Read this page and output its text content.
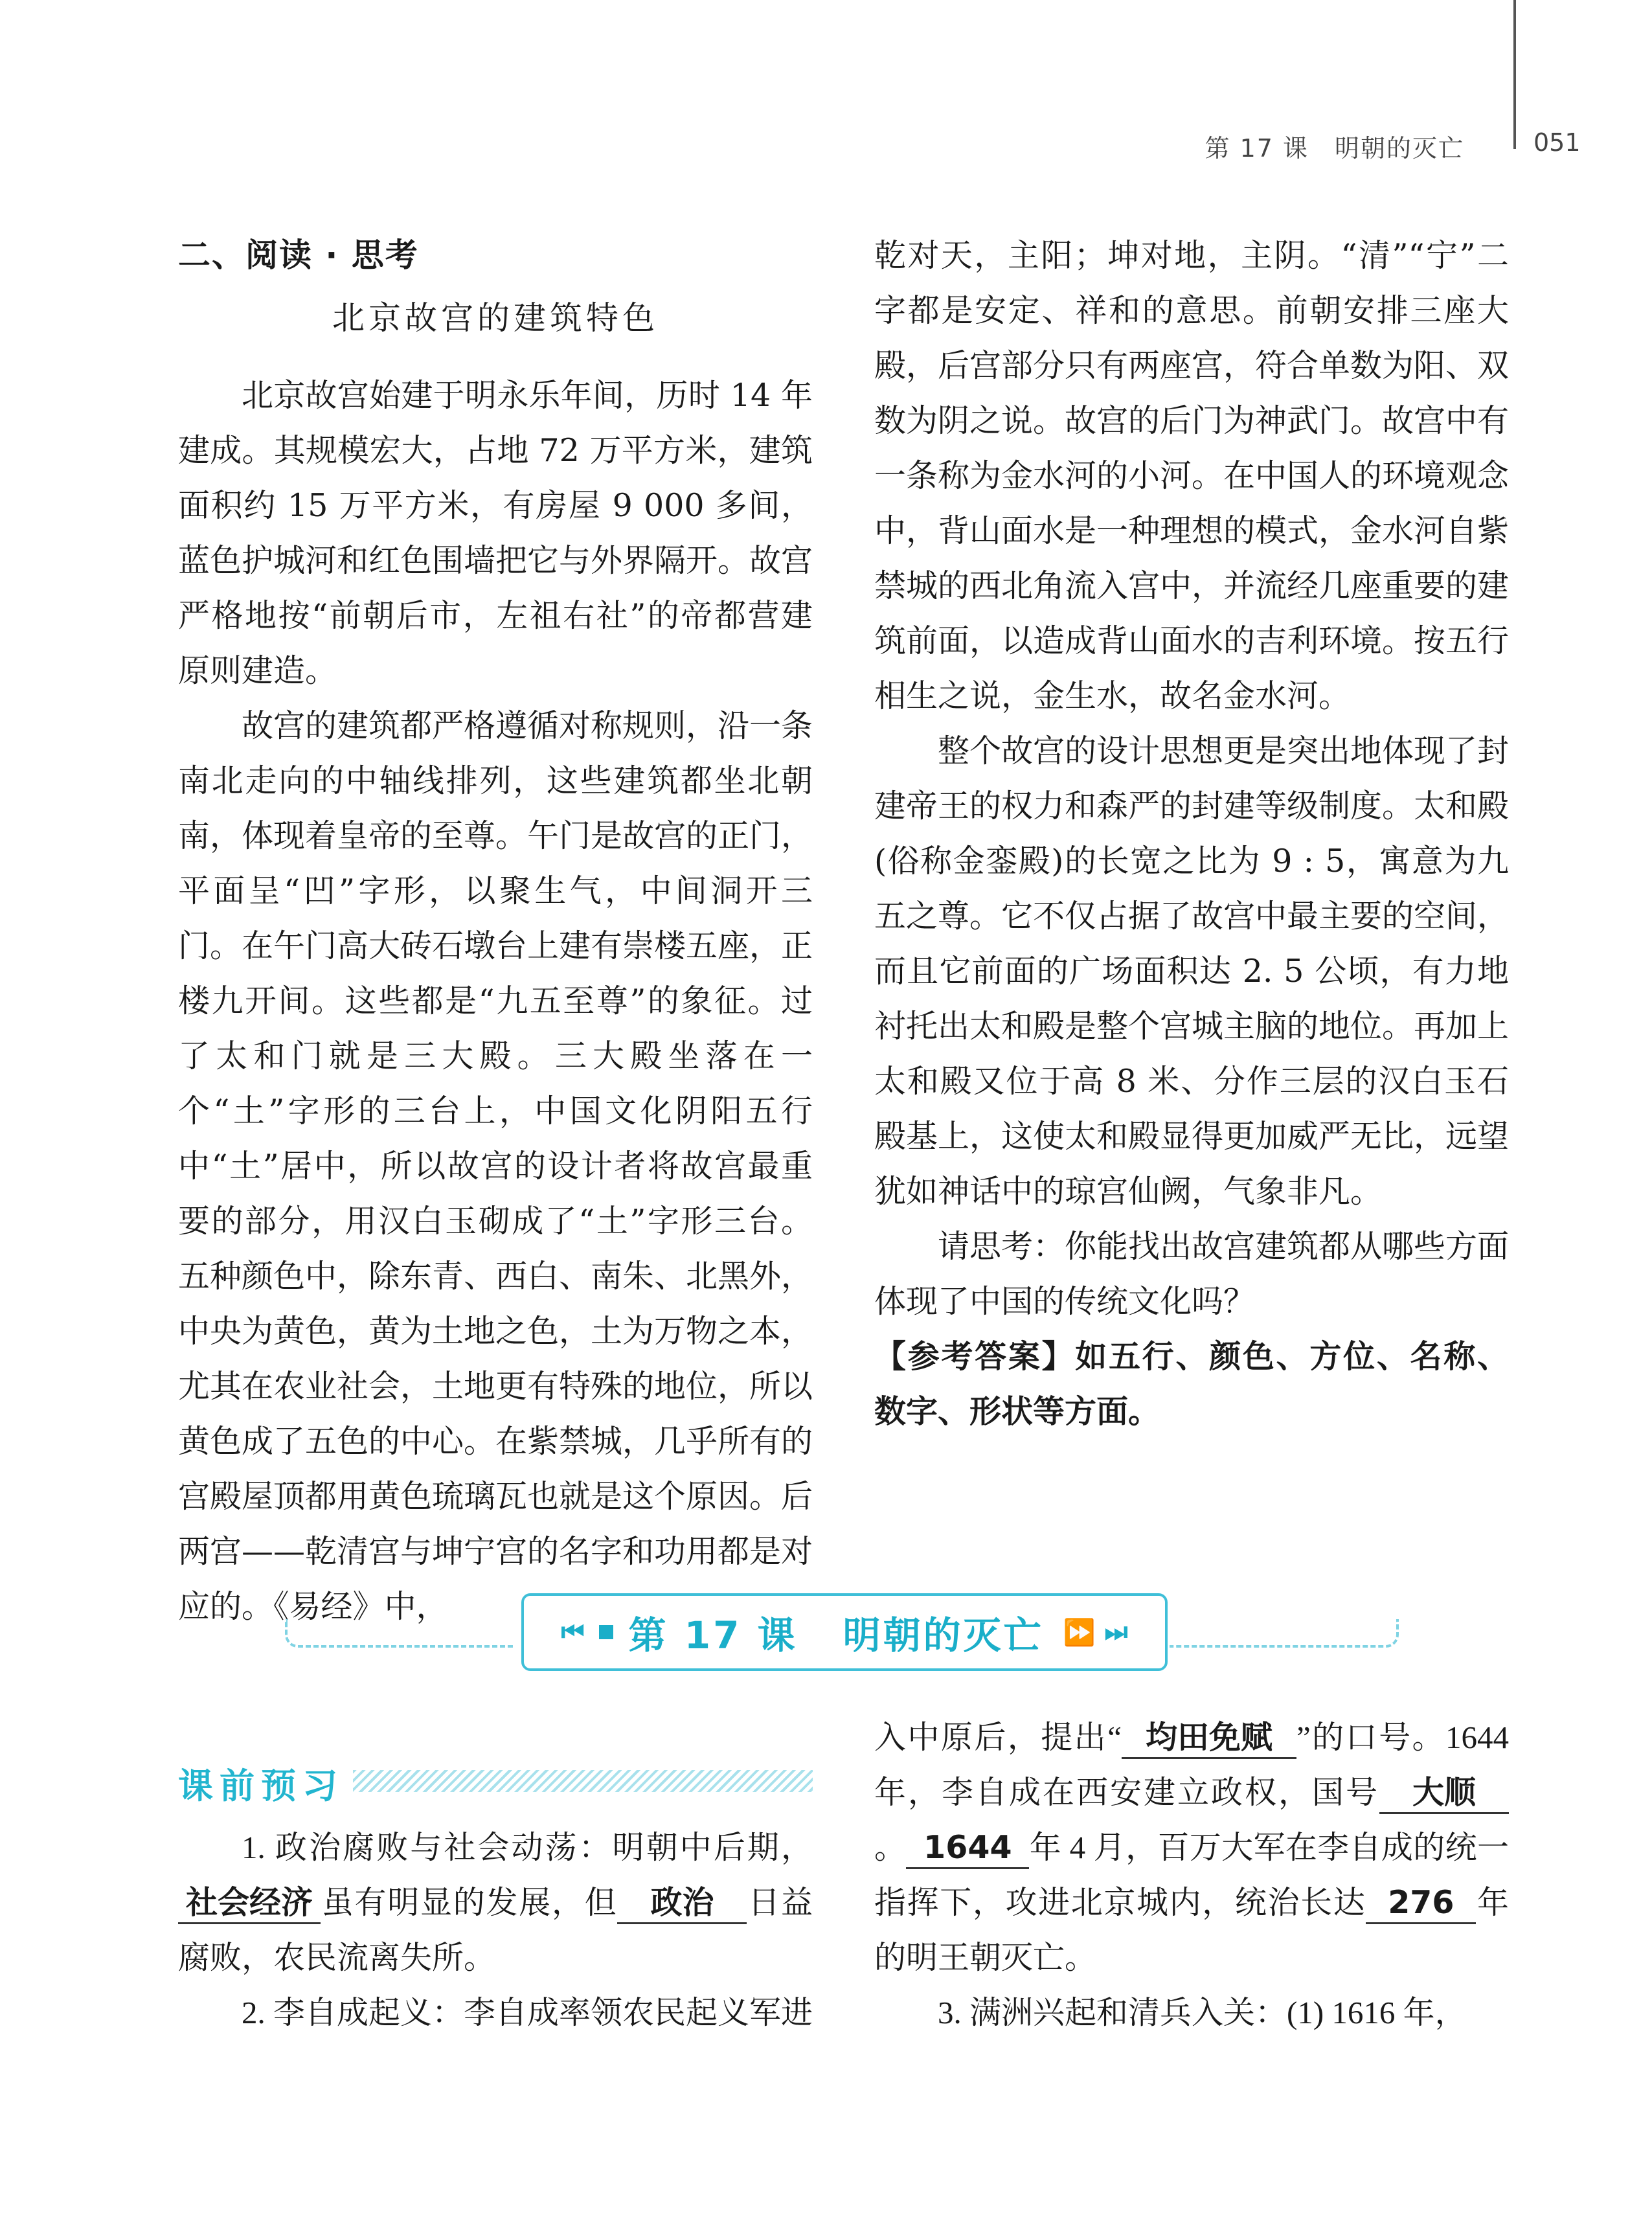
第 17 课　明朝的灭亡	051
二、阅读 · 思考
北京故宫的建筑特色

北京故宫始建于明永乐年间，历时 14 年建成。其规模宏大，占地 72 万平方米，建筑面积约 15 万平方米，有房屋 9 000 多间，蓝色护城河和红色围墙把它与外界隔开。故宫严格地按“前朝后市，左祖右社”的帝都营建原则建造。

故宫的建筑都严格遵循对称规则，沿一条南北走向的中轴线排列，这些建筑都坐北朝南，体现着皇帝的至尊。午门是故宫的正门，平面呈“凹”字形，以聚生气，中间洞开三门。在午门高大砖石墩台上建有崇楼五座，正楼九开间。这些都是“九五至尊”的象征。过了太和门就是三大殿。三大殿坐落在一个“土”字形的三台上，中国文化阴阳五行中“土”居中，所以故宫的设计者将故宫最重要的部分，用汉白玉砌成了“土”字形三台。五种颜色中，除东青、西白、南朱、北黑外，中央为黄色，黄为土地之色，土为万物之本，尤其在农业社会，土地更有特殊的地位，所以黄色成了五色的中心。在紫禁城，几乎所有的宫殿屋顶都用黄色琉璃瓦也就是这个原因。后两宫——乾清宫与坤宁宫的名字和功用都是对应的。《易经》中，

乾对天，主阳；坤对地，主阴。“清”“宁”二字都是安定、祥和的意思。前朝安排三座大殿，后宫部分只有两座宫，符合单数为阳、双数为阴之说。故宫的后门为神武门。故宫中有一条称为金水河的小河。在中国人的环境观念中，背山面水是一种理想的模式，金水河自紫禁城的西北角流入宫中，并流经几座重要的建筑前面，以造成背山面水的吉利环境。按五行相生之说，金生水，故名金水河。

整个故宫的设计思想更是突出地体现了封建帝王的权力和森严的封建等级制度。太和殿(俗称金銮殿)的长宽之比为 9 : 5，寓意为九五之尊。它不仅占据了故宫中最主要的空间，而且它前面的广场面积达 2. 5 公顷，有力地衬托出太和殿是整个宫城主脑的地位。再加上太和殿又位于高 8 米、分作三层的汉白玉石殿基上，这使太和殿显得更加威严无比，远望犹如神话中的琼宫仙阙，气象非凡。

请思考：你能找出故宫建筑都从哪些方面体现了中国的传统文化吗？

【参考答案】如五行、颜色、方位、名称、数字、形状等方面。

⏮ 第 17 课 明朝的灭亡 ⏩ ⏭
课前预习

1. 政治腐败与社会动荡：明朝中后期，社会经济 虽有明显的发展，但 政治 日益腐败，农民流离失所。

2. 李自成起义：李自成率领农民起义军进

入中原后，提出“ 均田免赋 ”的口号。1644 年，李自成在西安建立政权，国号 大顺。 1644 年 4 月，百万大军在李自成的统一指挥下，攻进北京城内，统治长达 276 年的明王朝灭亡。

3. 满洲兴起和清兵入关：(1) 1616 年，
